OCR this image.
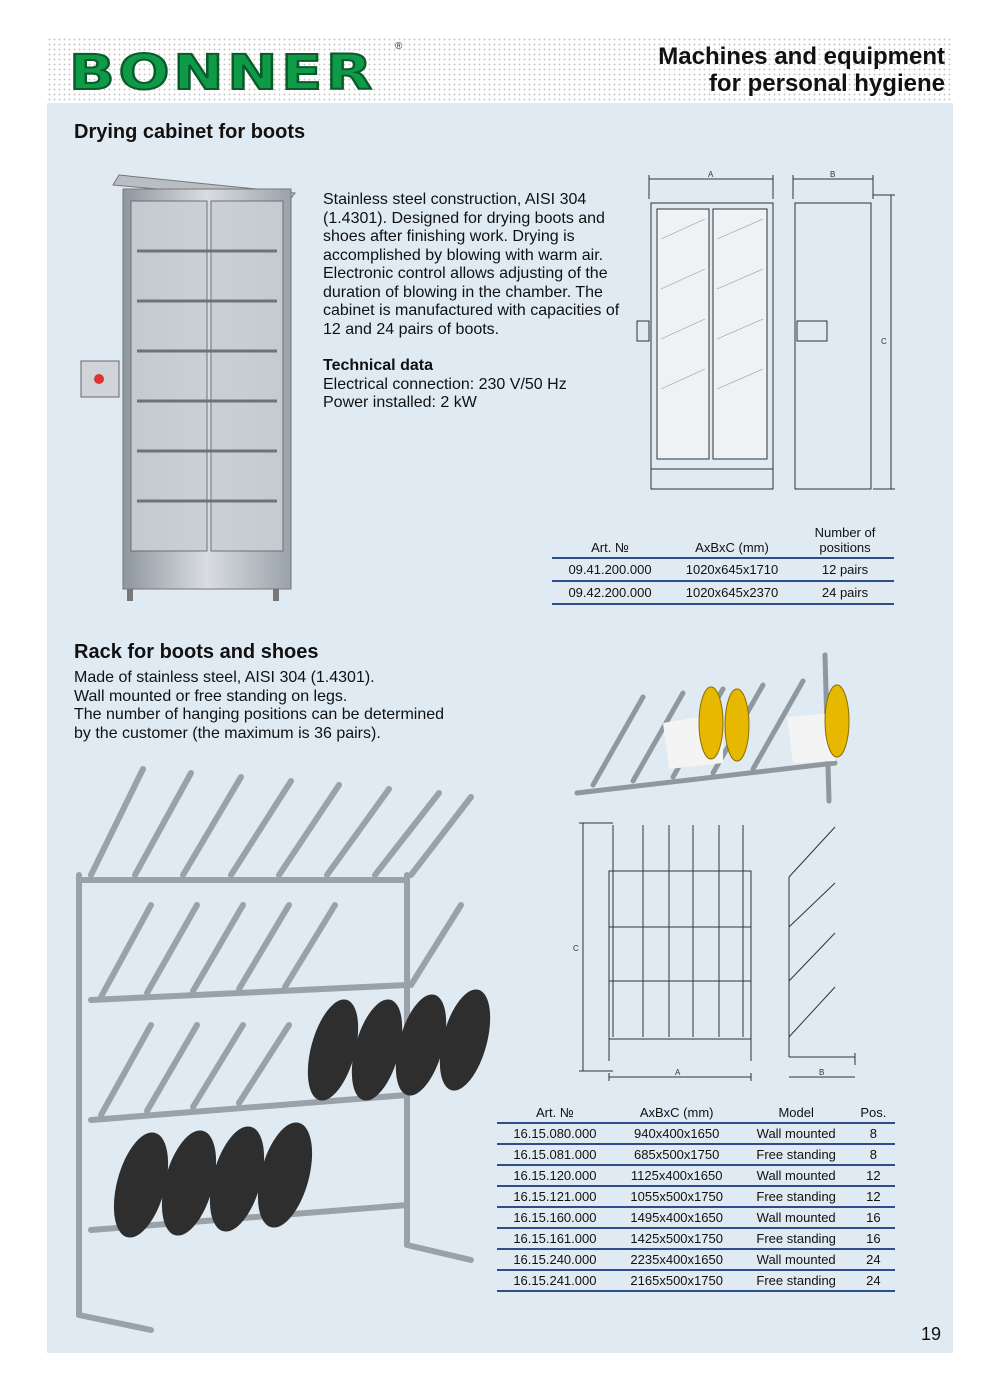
BONNER ®	Machines and equipment
for personal hygiene
Drying cabinet for boots

Stainless steel construction, AISI 304 (1.4301). Designed for drying boots and shoes after finishing work. Drying is accomplished by blowing with warm air. Electronic control allows adjusting of the duration of blowing in the chamber. The cabinet is manufactured with capacities of 12 and 24 pairs of boots.

Technical data

Electrical connection: 230 V/50 Hz

Power installed: 2 kW

A	B
C
Art. №	AxBxC (mm)	Number of positions
09.41.200.000	1020x645x1710	12 pairs
09.42.200.000	1020x645x2370	24 pairs
Rack for boots and shoes

Made of stainless steel, AISI 304 (1.4301).

Wall mounted or free standing on legs.

The number of hanging positions can be determined

by the customer (the maximum is 36 pairs).

C
A	B
Art. №	AxBxC (mm)	Model	Pos.
16.15.080.000	940x400x1650	Wall mounted	8
16.15.081.000	685x500x1750	Free standing	8
16.15.120.000	1125x400x1650	Wall mounted	12
16.15.121.000	1055x500x1750	Free standing	12
16.15.160.000	1495x400x1650	Wall mounted	16
16.15.161.000	1425x500x1750	Free standing	16
16.15.240.000	2235x400x1650	Wall mounted	24
16.15.241.000	2165x500x1750	Free standing	24
19
